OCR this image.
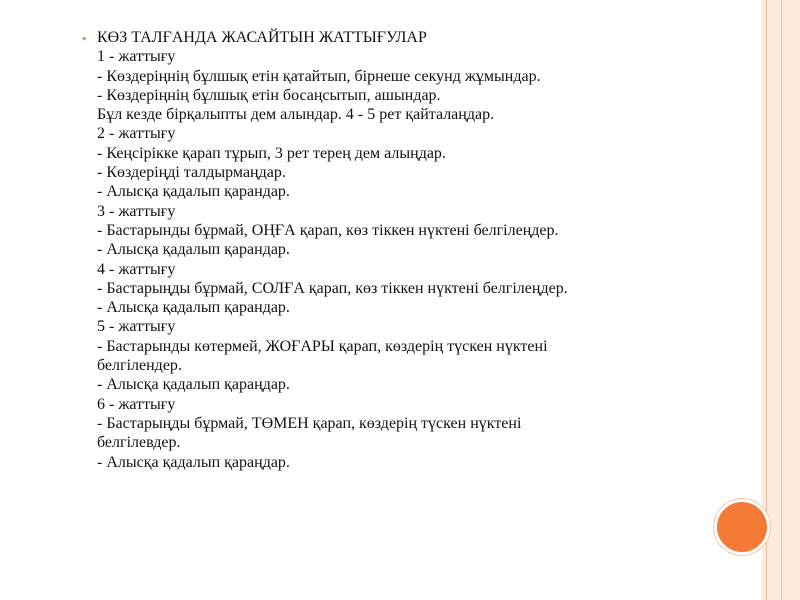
• КӨЗ ТАЛҒАНДА ЖАСАЙТЫН ЖАТТЫҒУЛАР
1 - жаттығу
- Көздеріңнің бұлшық етін қатайтып, бірнеше секунд жұмындар.
- Көздеріңнің бұлшық етін босаңсытып, ашындар.
Бұл кезде бірқалыпты дем алындар. 4 - 5 рет қайталаңдар.
2 - жаттығу
- Кеңсірікке қарап тұрып, 3 рет терең дем алыңдар.
- Көздеріңді талдырмаңдар.
- Алысқа қадалып қарандар.
3 - жаттығу
- Бастарынды бұрмай, ОҢҒА қарап, көз тіккен нүктені белгілеңдер.
- Алысқа қадалып қарандар.
4 - жаттығу
- Бастарыңды бұрмай, СОЛҒА қарап, көз тіккен нүктені белгілеңдер.
- Алысқа қадалып қарандар.
5 - жаттығу
- Бастарынды көтермей, ЖОҒАРЫ қарап, көздерің түскен нүктені
белгілендер.
- Алысқа қадалып қараңдар.
6 - жаттығу
- Бастарыңды бұрмай, ТӨМЕН қарап, көздерің түскен нүктені
белгілевдер.
- Алысқа қадалып қараңдар.
